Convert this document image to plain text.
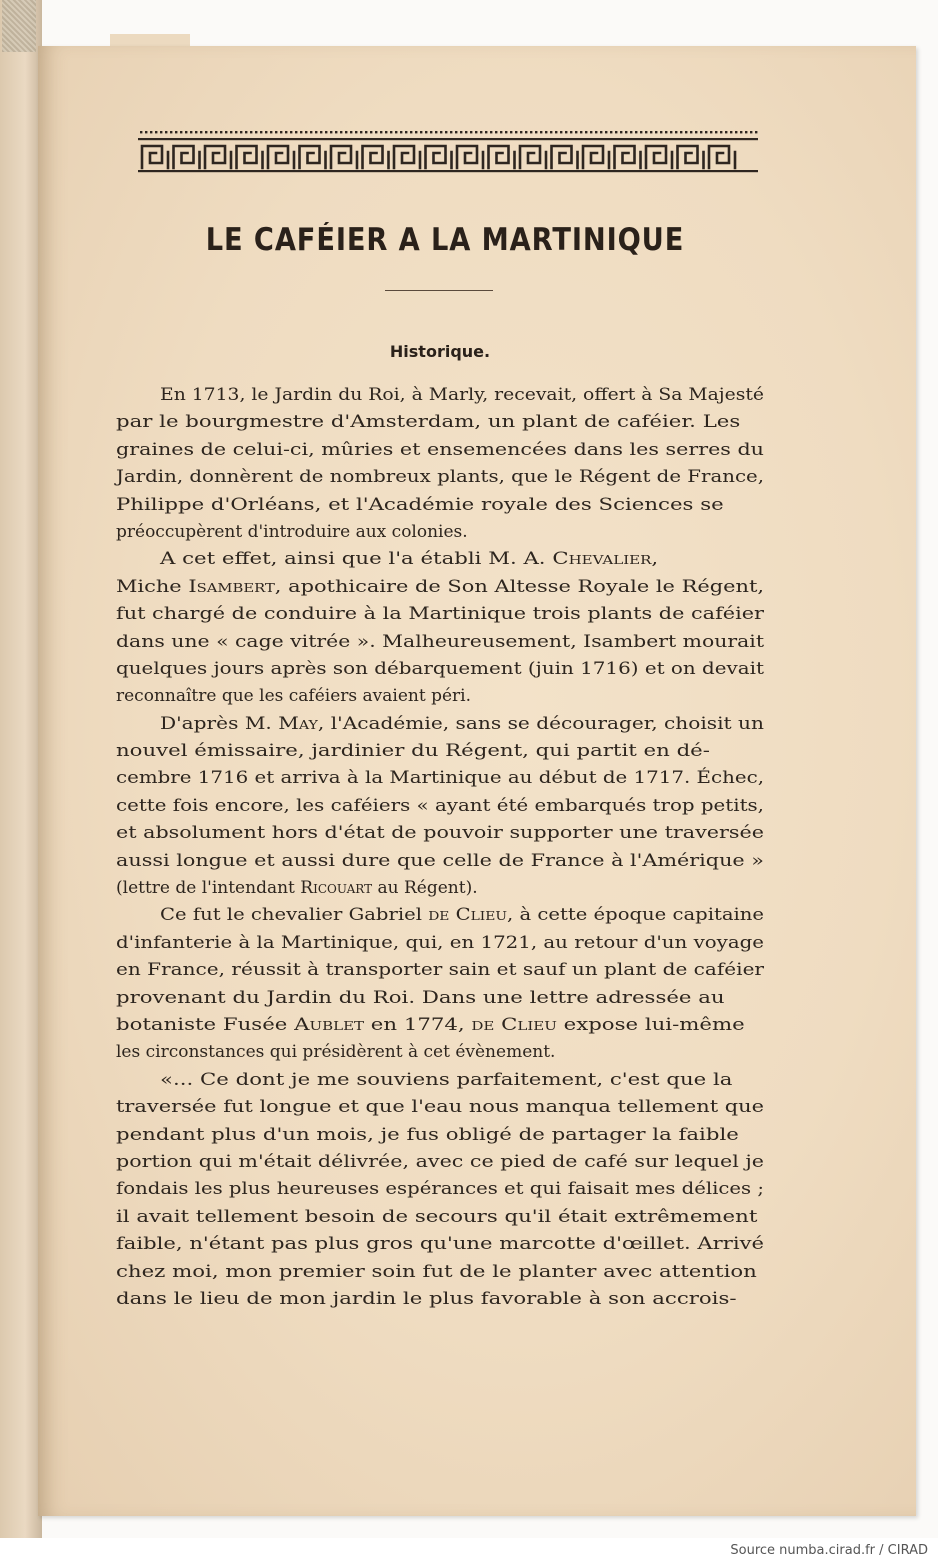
LE CAFÉIER A LA MARTINIQUE
Historique.
En 1713, le Jardin du Roi, à Marly, recevait, offert à Sa Majesté
par le bourgmestre d'Amsterdam, un plant de caféier. Les
graines de celui-ci, mûries et ensemencées dans les serres du
Jardin, donnèrent de nombreux plants, que le Régent de France,
Philippe d'Orléans, et l'Académie royale des Sciences se
préoccupèrent d'introduire aux colonies.
A cet effet, ainsi que l'a établi M. A. Chevalier,
Miche Isambert, apothicaire de Son Altesse Royale le Régent,
fut chargé de conduire à la Martinique trois plants de caféier
dans une « cage vitrée ». Malheureusement, Isambert mourait
quelques jours après son débarquement (juin 1716) et on devait
reconnaître que les caféiers avaient péri.
D'après M. May, l'Académie, sans se décourager, choisit un
nouvel émissaire, jardinier du Régent, qui partit en dé-
cembre 1716 et arriva à la Martinique au début de 1717. Échec,
cette fois encore, les caféiers « ayant été embarqués trop petits,
et absolument hors d'état de pouvoir supporter une traversée
aussi longue et aussi dure que celle de France à l'Amérique »
(lettre de l'intendant Ricouart au Régent).
Ce fut le chevalier Gabriel de Clieu, à cette époque capitaine
d'infanterie à la Martinique, qui, en 1721, au retour d'un voyage
en France, réussit à transporter sain et sauf un plant de caféier
provenant du Jardin du Roi. Dans une lettre adressée au
botaniste Fusée Aublet en 1774, de Clieu expose lui-même
les circonstances qui présidèrent à cet évènement.
«... Ce dont je me souviens parfaitement, c'est que la
traversée fut longue et que l'eau nous manqua tellement que
pendant plus d'un mois, je fus obligé de partager la faible
portion qui m'était délivrée, avec ce pied de café sur lequel je
fondais les plus heureuses espérances et qui faisait mes délices ;
il avait tellement besoin de secours qu'il était extrêmement
faible, n'étant pas plus gros qu'une marcotte d'œillet. Arrivé
chez moi, mon premier soin fut de le planter avec attention
dans le lieu de mon jardin le plus favorable à son accrois-
Source numba.cirad.fr / CIRAD
